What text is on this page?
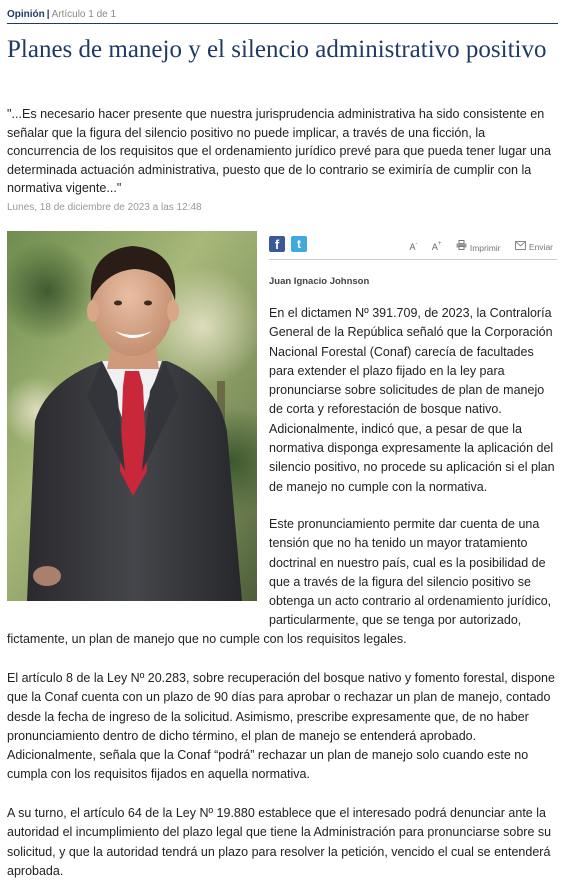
Opinión | Artículo 1 de 1
Planes de manejo y el silencio administrativo positivo
"...Es necesario hacer presente que nuestra jurisprudencia administrativa ha sido consistente en señalar que la figura del silencio positivo no puede implicar, a través de una ficción, la concurrencia de los requisitos que el ordenamiento jurídico prevé para que pueda tener lugar una determinada actuación administrativa, puesto que de lo contrario se eximiría de cumplir con la normativa vigente..."
Lunes, 18 de diciembre de 2023 a las 12:48
f	t	A- A+	Imprimir	Enviar
Juan Ignacio Johnson
En el dictamen Nº 391.709, de 2023, la Contraloría General de la República señaló que la Corporación Nacional Forestal (Conaf) carecía de facultades para extender el plazo fijado en la ley para pronunciarse sobre solicitudes de plan de manejo de corta y reforestación de bosque nativo. Adicionalmente, indicó que, a pesar de que la normativa disponga expresamente la aplicación del silencio positivo, no procede su aplicación si el plan de manejo no cumple con la normativa.
Este pronunciamiento permite dar cuenta de una tensión que no ha tenido un mayor tratamiento doctrinal en nuestro país, cual es la posibilidad de que a través de la figura del silencio positivo se obtenga un acto contrario al ordenamiento jurídico, particularmente, que se tenga por autorizado,
fictamente, un plan de manejo que no cumple con los requisitos legales.
El artículo 8 de la Ley Nº 20.283, sobre recuperación del bosque nativo y fomento forestal, dispone que la Conaf cuenta con un plazo de 90 días para aprobar o rechazar un plan de manejo, contado desde la fecha de ingreso de la solicitud. Asimismo, prescribe expresamente que, de no haber pronunciamiento dentro de dicho término, el plan de manejo se entenderá aprobado. Adicionalmente, señala que la Conaf “podrá” rechazar un plan de manejo solo cuando este no cumpla con los requisitos fijados en aquella normativa.
A su turno, el artículo 64 de la Ley Nº 19.880 establece que el interesado podrá denunciar ante la autoridad el incumplimiento del plazo legal que tiene la Administración para pronunciarse sobre su solicitud, y que la autoridad tendrá un plazo para resolver la petición, vencido el cual se entenderá aprobada.
